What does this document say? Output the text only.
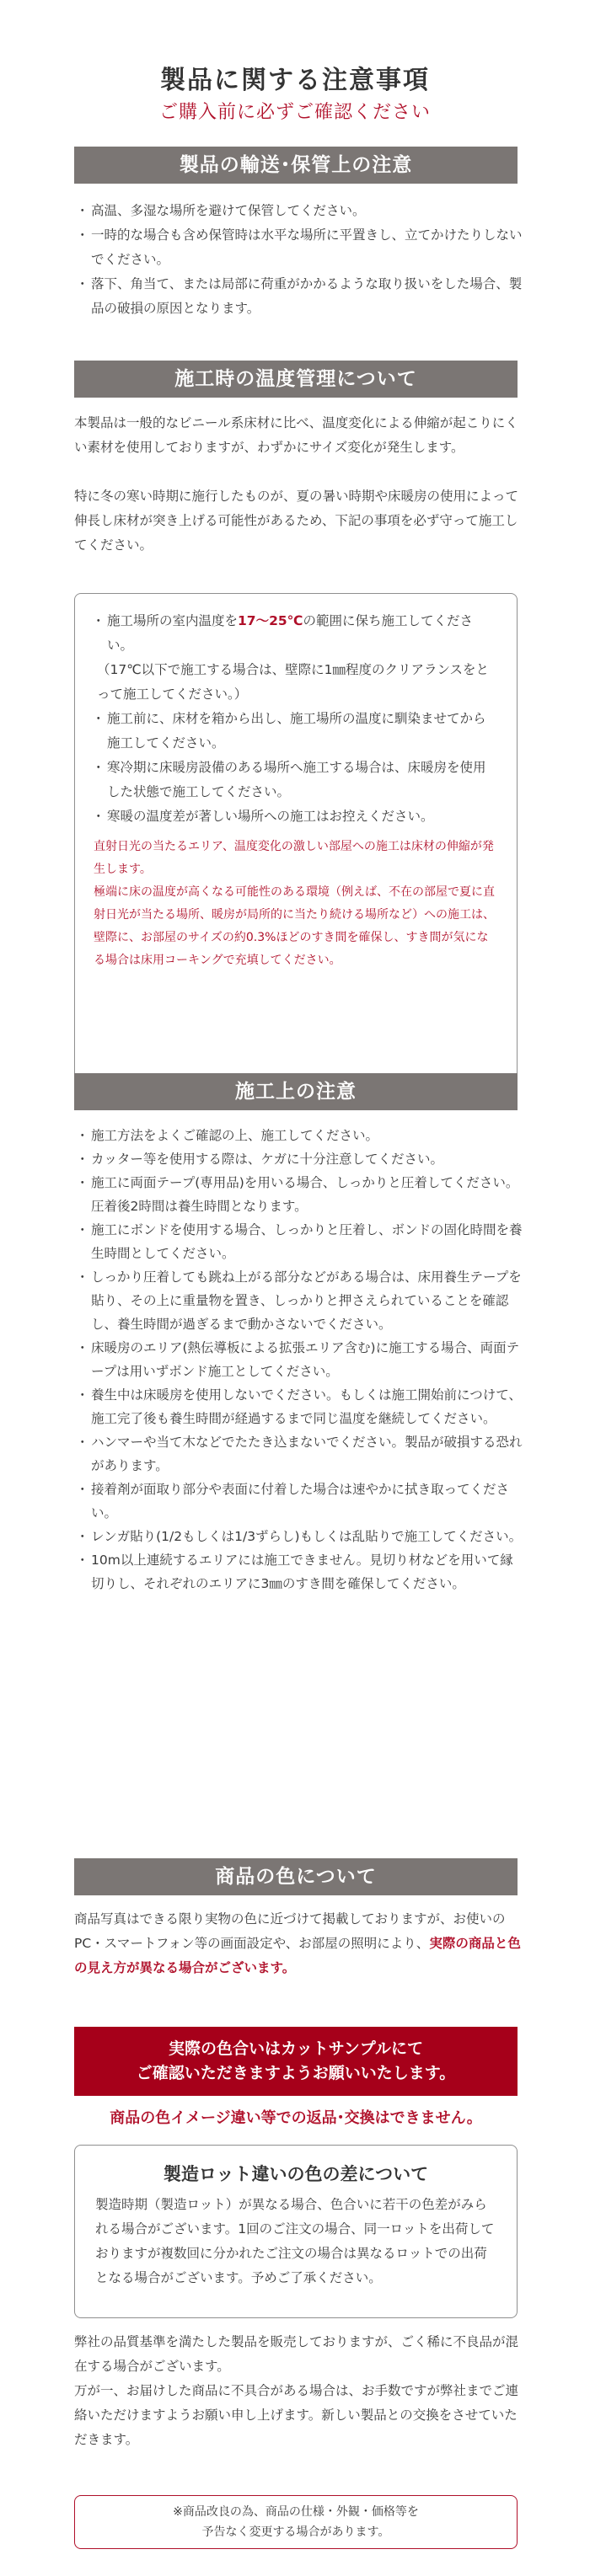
製品に関する注意事項
ご購入前に必ずご確認ください
製品の輸送･保管上の注意
・ 高温、多湿な場所を避けて保管してください。
・ 一時的な場合も含め保管時は水平な場所に平置きし、立てかけたりしないでください。
・ 落下、角当て、または局部に荷重がかかるような取り扱いをした場合、製品の破損の原因となります。
施工時の温度管理について

本製品は一般的なビニール系床材に比べ、温度変化による伸縮が起こりにくい素材を使用しておりますが、わずかにサイズ変化が発生します。

特に冬の寒い時期に施行したものが、夏の暑い時期や床暖房の使用によって伸長し床材が突き上げる可能性があるため、下記の事項を必ず守って施工してください。

・ 施工場所の室内温度を17〜25℃の範囲に保ち施工してください。
（17℃以下で施工する場合は、壁際に1㎜程度のクリアランスをとって施工してください。）
・ 施工前に、床材を箱から出し、施工場所の温度に馴染ませてから施工してください。
・ 寒冷期に床暖房設備のある場所へ施工する場合は、床暖房を使用した状態で施工してください。
・ 寒暖の温度差が著しい場所への施工はお控えください。
直射日光の当たるエリア、温度変化の激しい部屋への施工は床材の伸縮が発生します。
極端に床の温度が高くなる可能性のある環境（例えば、不在の部屋で夏に直射日光が当たる場所、暖房が局所的に当たり続ける場所など）への施工は、壁際に、お部屋のサイズの約0.3%ほどのすき間を確保し、すき間が気になる場合は床用コーキングで充填してください。
施工上の注意
・ 施工方法をよくご確認の上、施工してください。
・ カッター等を使用する際は、ケガに十分注意してください。
・ 施工に両面テープ(専用品)を用いる場合、しっかりと圧着してください。圧着後2時間は養生時間となります。
・ 施工にボンドを使用する場合、しっかりと圧着し、ボンドの固化時間を養生時間としてください。
・ しっかり圧着しても跳ね上がる部分などがある場合は、床用養生テープを貼り、その上に重量物を置き、しっかりと押さえられていることを確認し、養生時間が過ぎるまで動かさないでください。
・ 床暖房のエリア(熱伝導板による拡張エリア含む)に施工する場合、両面テープは用いずボンド施工としてください。
・ 養生中は床暖房を使用しないでください。もしくは施工開始前につけて、施工完了後も養生時間が経過するまで同じ温度を継続してください。
・ ハンマーや当て木などでたたき込まないでください。製品が破損する恐れがあります。
・ 接着剤が面取り部分や表面に付着した場合は速やかに拭き取ってください。
・ レンガ貼り(1/2もしくは1/3ずらし)もしくは乱貼りで施工してください。
・ 10m以上連続するエリアには施工できません。見切り材などを用いて縁切りし、それぞれのエリアに3㎜のすき間を確保してください。
商品の色について

商品写真はできる限り実物の色に近づけて掲載しておりますが、お使いのPC・スマートフォン等の画面設定や、お部屋の照明により、実際の商品と色の見え方が異なる場合がございます。

実際の色合いはカットサンプルにて
ご確認いただきますようお願いいたします。
商品の色イメージ違い等での返品･交換はできません。
製造ロット違いの色の差について
製造時期（製造ロット）が異なる場合、色合いに若干の色差がみられる場合がございます。1回のご注文の場合、同一ロットを出荷しておりますが複数回に分かれたご注文の場合は異なるロットでの出荷となる場合がございます。予めご了承ください。

弊社の品質基準を満たした製品を販売しておりますが、ごく稀に不良品が混在する場合がございます。

万が一、お届けした商品に不具合がある場合は、お手数ですが弊社までご連絡いただけますようお願い申し上げます。新しい製品との交換をさせていただきます。

※商品改良の為、商品の仕様・外観・価格等を
予告なく変更する場合があります。
